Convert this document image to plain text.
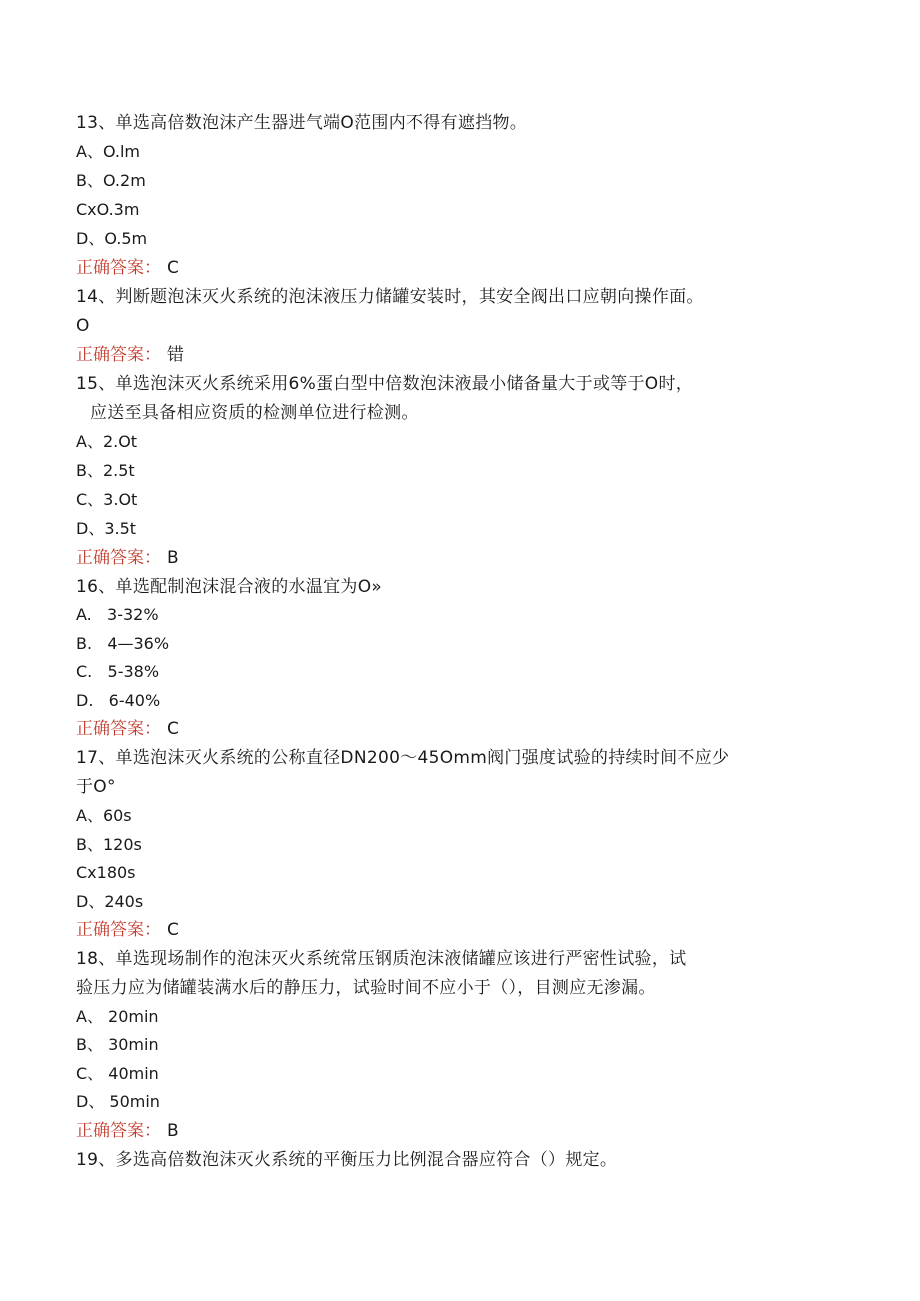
13、单选高倍数泡沫产生器进气端O范围内不得有遮挡物。
A、O.lm
B、O.2m
CxO.3m
D、O.5m
正确答案： C
14、判断题泡沫灭火系统的泡沫液压力储罐安装时，其安全阀出口应朝向操作面。
O
正确答案： 错
15、单选泡沫灭火系统采用6%蛋白型中倍数泡沫液最小储备量大于或等于O时，
应送至具备相应资质的检测单位进行检测。
A、2.Ot
B、2.5t
C、3.Ot
D、3.5t
正确答案： B
16、单选配制泡沫混合液的水温宜为O»
A.   3-32%
B.   4—36%
C.   5-38%
D.   6-40%
正确答案： C
17、单选泡沫灭火系统的公称直径DN200〜45Omm阀门强度试验的持续时间不应少
于O°
A、60s
B、120s
Cx180s
D、240s
正确答案： C
18、单选现场制作的泡沫灭火系统常压钢质泡沫液储罐应该进行严密性试验，试
验压力应为储罐装满水后的静压力，试验时间不应小于（），目测应无渗漏。
A、 20min
B、 30min
C、 40min
D、 50min
正确答案： B
19、多选高倍数泡沫灭火系统的平衡压力比例混合器应符合（）规定。
